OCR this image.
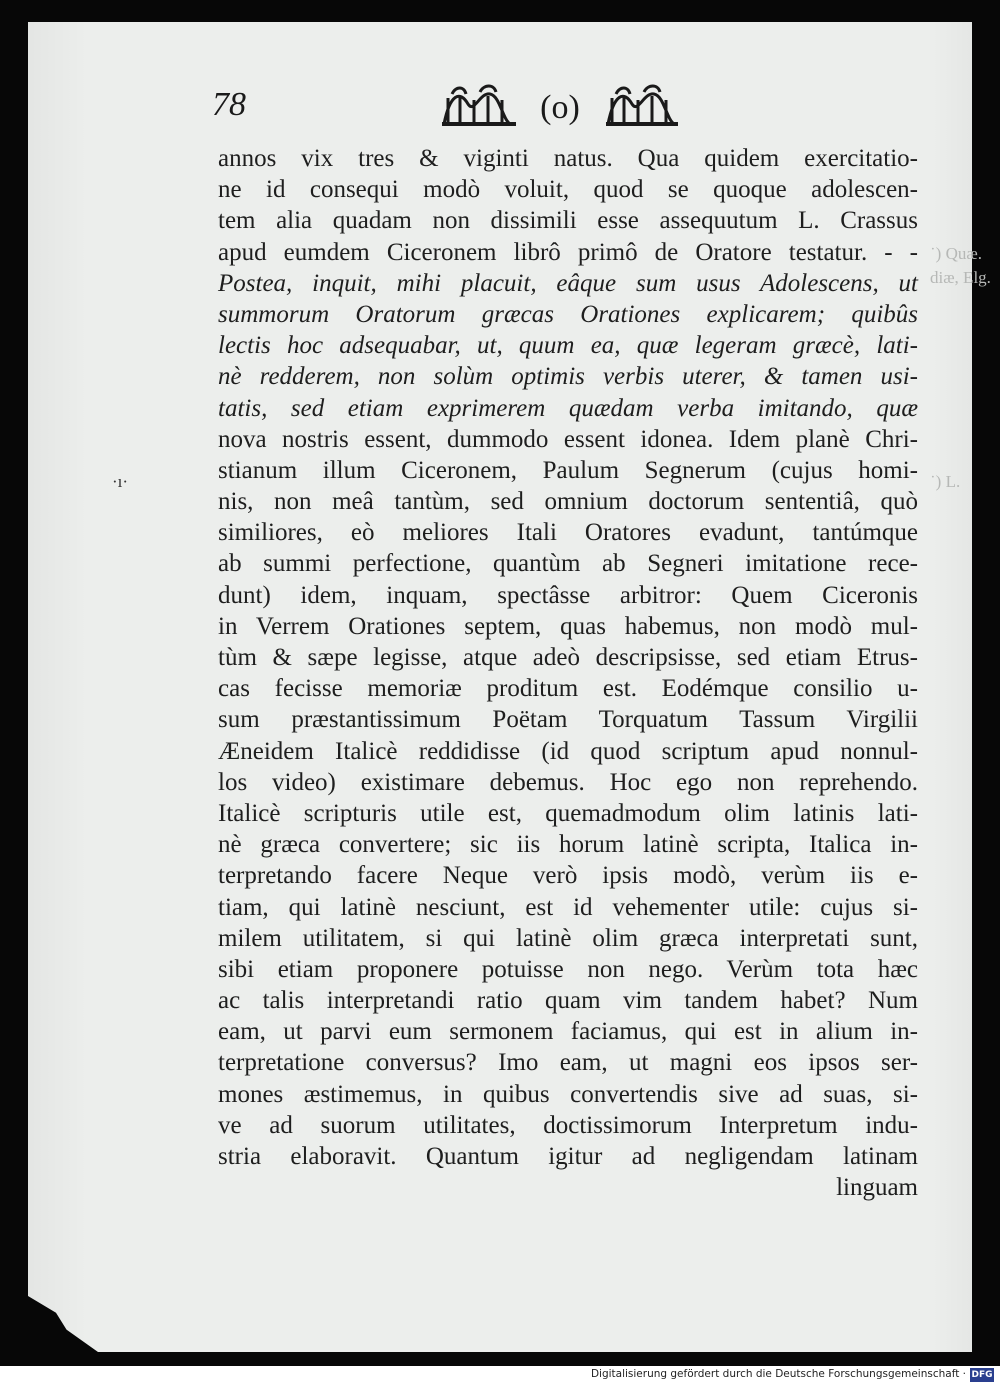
78	(o)
annos vix tres & viginti natus. Qua quidem exercitatio-
ne id consequi modò voluit, quod se quoque adolescen-
tem alia quadam non dissimili esse assequutum L. Crassus
apud eumdem Ciceronem librô primô de Oratore testatur. - -
Postea, inquit, mihi placuit, eâque sum usus Adolescens, ut
summorum Oratorum græcas Orationes explicarem; quibûs
lectis hoc adsequabar, ut, quum ea, quæ legeram græcè, lati-
nè redderem, non solùm optimis verbis uterer, & tamen usi-
tatis, sed etiam exprimerem quædam verba imitando, quæ
nova nostris essent, dummodo essent idonea. Idem planè Chri-
stianum illum Ciceronem, Paulum Segnerum (cujus homi-
nis, non meâ tantùm, sed omnium doctorum sententiâ, quò
similiores, eò meliores Itali Oratores evadunt, tantúmque
ab summi perfectione, quantùm ab Segneri imitatione rece-
dunt) idem, inquam, spectâsse arbitror: Quem Ciceronis
in Verrem Orationes septem, quas habemus, non modò mul-
tùm & sæpe legisse, atque adeò descripsisse, sed etiam Etrus-
cas fecisse memoriæ proditum est. Eodémque consilio u-
sum præstantissimum Poëtam Torquatum Tassum Virgilii
Æneidem Italicè reddidisse (id quod scriptum apud nonnul-
los video) existimare debemus. Hoc ego non reprehendo.
Italicè scripturis utile est, quemadmodum olim latinis lati-
nè græca convertere; sic iis horum latinè scripta, Italica in-
terpretando facere Neque verò ipsis modò, verùm iis e-
tiam, qui latinè nesciunt, est id vehementer utile: cujus si-
milem utilitatem, si qui latinè olim græca interpretati sunt,
sibi etiam proponere potuisse non nego. Verùm tota hæc
ac talis interpretandi ratio quam vim tandem habet? Num
eam, ut parvi eum sermonem faciamus, qui est in alium in-
terpretatione conversus? Imo eam, ut magni eos ipsos ser-
mones æstimemus, in quibus convertendis sive ad suas, si-
ve ad suorum utilitates, doctissimorum Interpretum indu-
stria elaboravit. Quantum igitur ad negligendam latinam
linguam
˙) Quæ.
diæ, Elg.
·ı·	˙) L.
Digitalisierung gefördert durch die Deutsche Forschungsgemeinschaft · DFG
